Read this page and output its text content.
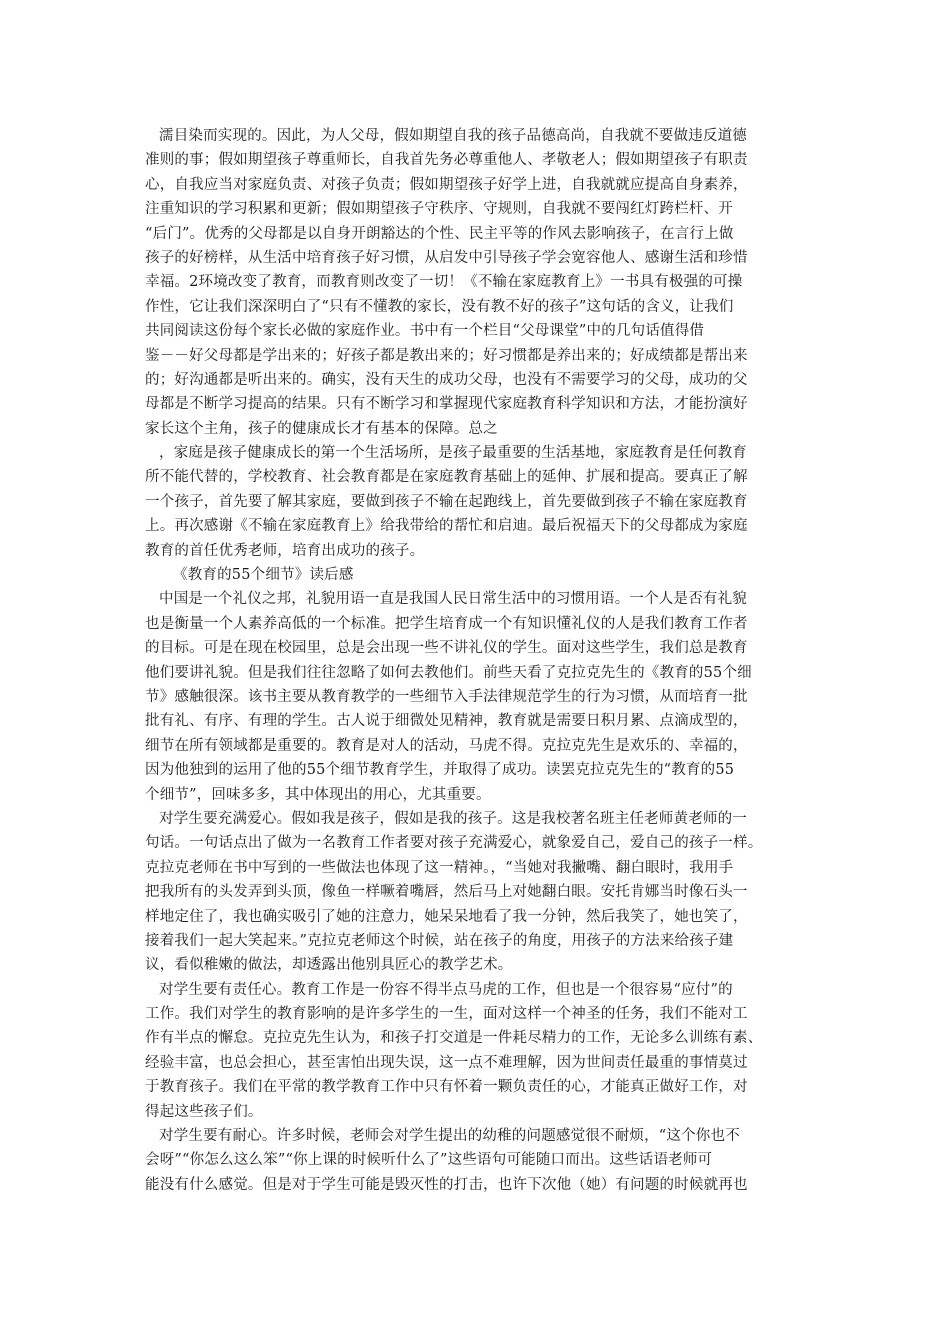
濡目染而实现的。因此，为人父母，假如期望自我的孩子品德高尚，自我就不要做违反道德
准则的事；假如期望孩子尊重师长，自我首先务必尊重他人、孝敬老人；假如期望孩子有职责
心，自我应当对家庭负责、对孩子负责；假如期望孩子好学上进，自我就就应提高自身素养，
注重知识的学习积累和更新；假如期望孩子守秩序、守规则，自我就不要闯红灯跨栏杆、开
“后门”。优秀的父母都是以自身开朗豁达的个性、民主平等的作风去影响孩子，在言行上做
孩子的好榜样，从生活中培育孩子好习惯，从启发中引导孩子学会宽容他人、感谢生活和珍惜
幸福。2环境改变了教育，而教育则改变了一切！《不输在家庭教育上》一书具有极强的可操
作性，它让我们深深明白了“只有不懂教的家长，没有教不好的孩子”这句话的含义，让我们
共同阅读这份每个家长必做的家庭作业。书中有一个栏目“父母课堂”中的几句话值得借
鉴－－好父母都是学出来的；好孩子都是教出来的；好习惯都是养出来的；好成绩都是帮出来
的；好沟通都是听出来的。确实，没有天生的成功父母，也没有不需要学习的父母，成功的父
母都是不断学习提高的结果。只有不断学习和掌握现代家庭教育科学知识和方法，才能扮演好
家长这个主角，孩子的健康成长才有基本的保障。总之
，家庭是孩子健康成长的第一个生活场所，是孩子最重要的生活基地，家庭教育是任何教育
所不能代替的，学校教育、社会教育都是在家庭教育基础上的延伸、扩展和提高。要真正了解
一个孩子，首先要了解其家庭，要做到孩子不输在起跑线上，首先要做到孩子不输在家庭教育
上。再次感谢《不输在家庭教育上》给我带给的帮忙和启迪。最后祝福天下的父母都成为家庭
教育的首任优秀老师，培育出成功的孩子。
《教育的55个细节》读后感
中国是一个礼仪之邦，礼貌用语一直是我国人民日常生活中的习惯用语。一个人是否有礼貌
也是衡量一个人素养高低的一个标准。把学生培育成一个有知识懂礼仪的人是我们教育工作者
的目标。可是在现在校园里，总是会出现一些不讲礼仪的学生。面对这些学生，我们总是教育
他们要讲礼貌。但是我们往往忽略了如何去教他们。前些天看了克拉克先生的《教育的55个细
节》感触很深。该书主要从教育教学的一些细节入手法律规范学生的行为习惯，从而培育一批
批有礼、有序、有理的学生。古人说于细微处见精神，教育就是需要日积月累、点滴成型的，
细节在所有领域都是重要的。教育是对人的活动，马虎不得。克拉克先生是欢乐的、幸福的，
因为他独到的运用了他的55个细节教育学生，并取得了成功。读罢克拉克先生的“教育的55
个细节”，回味多多，其中体现出的用心，尤其重要。
对学生要充满爱心。假如我是孩子，假如是我的孩子。这是我校著名班主任老师黄老师的一
句话。一句话点出了做为一名教育工作者要对孩子充满爱心，就象爱自己，爱自己的孩子一样。
克拉克老师在书中写到的一些做法也体现了这一精神。，“当她对我撇嘴、翻白眼时，我用手
把我所有的头发弄到头顶，像鱼一样噘着嘴唇，然后马上对她翻白眼。安托肯娜当时像石头一
样地定住了，我也确实吸引了她的注意力，她呆呆地看了我一分钟，然后我笑了，她也笑了，
接着我们一起大笑起来。”克拉克老师这个时候，站在孩子的角度，用孩子的方法来给孩子建
议，看似稚嫩的做法，却透露出他别具匠心的教学艺术。
对学生要有责任心。教育工作是一份容不得半点马虎的工作，但也是一个很容易“应付”的
工作。我们对学生的教育影响的是许多学生的一生，面对这样一个神圣的任务，我们不能对工
作有半点的懈怠。克拉克先生认为，和孩子打交道是一件耗尽精力的工作，无论多么训练有素、
经验丰富，也总会担心，甚至害怕出现失误，这一点不难理解，因为世间责任最重的事情莫过
于教育孩子。我们在平常的教学教育工作中只有怀着一颗负责任的心，才能真正做好工作，对
得起这些孩子们。
对学生要有耐心。许多时候，老师会对学生提出的幼稚的问题感觉很不耐烦，“这个你也不
会呀”“你怎么这么笨”“你上课的时候听什么了”这些语句可能随口而出。这些话语老师可
能没有什么感觉。但是对于学生可能是毁灭性的打击，也许下次他（她）有问题的时候就再也
